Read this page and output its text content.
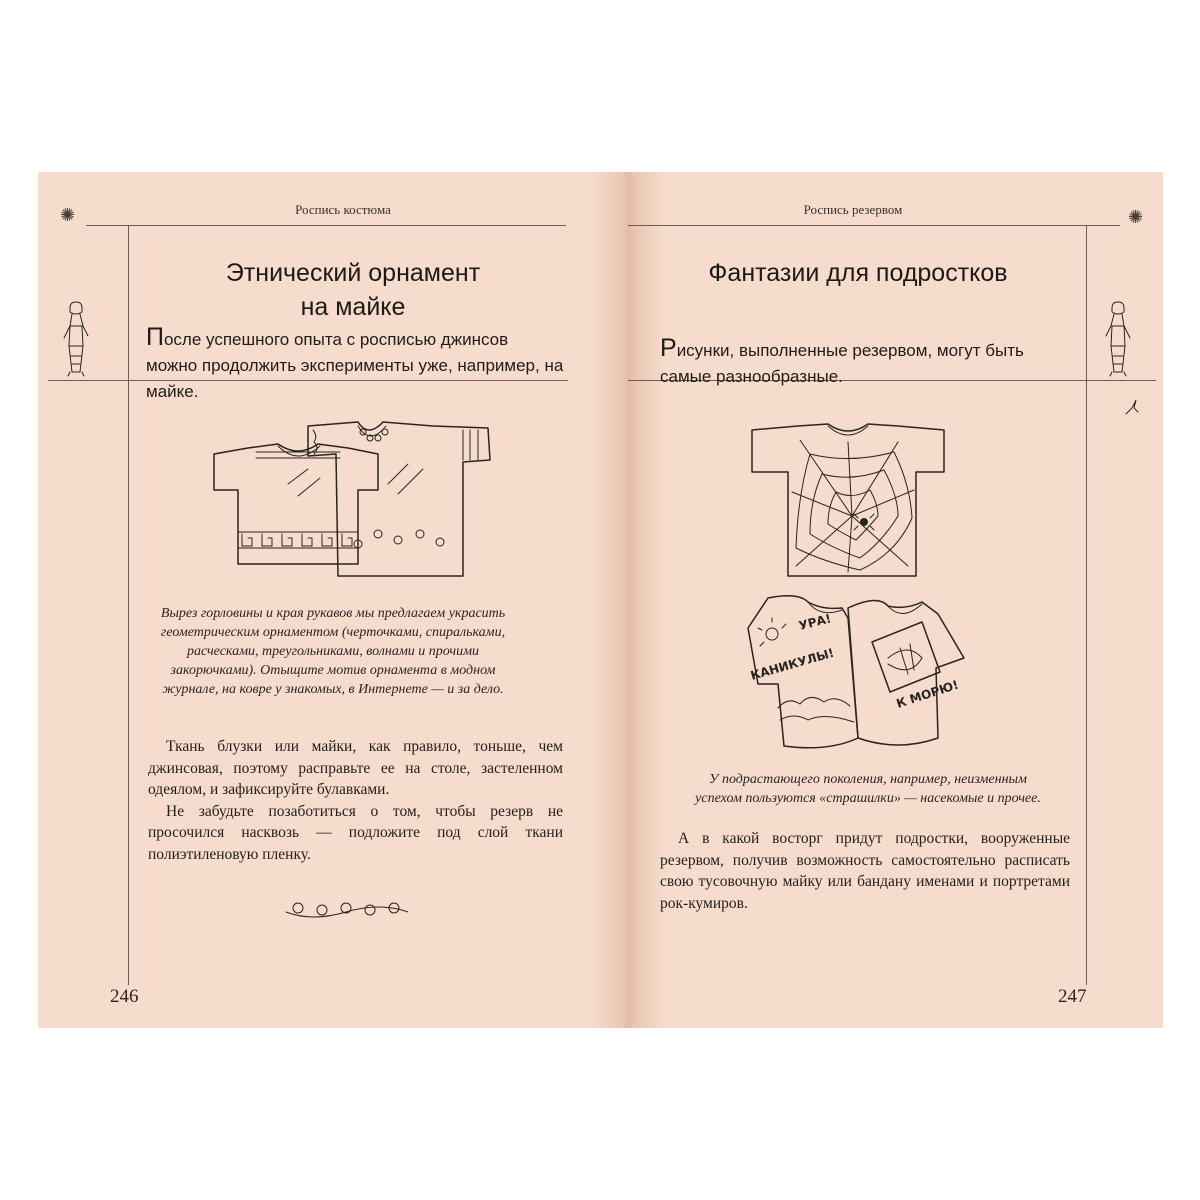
✺	Роспись костюма
Этнический орнамент
на майке
После успешного опыта с росписью джинсов можно продолжить эксперименты уже, например, на майке.
Вырез горловины и края рукавов мы предлагаем украсить геометрическим орнаментом (черточками, спиральками, расческами, треугольниками, волнами и прочими закорючками). Отыщите мотив орнамента в модном журнале, на ковре у знакомых, в Интернете — и за дело.

Ткань блузки или майки, как правило, тоньше, чем джинсовая, поэтому расправьте ее на столе, застеленном одеялом, и зафиксируйте булавками.

Не забудьте позаботиться о том, чтобы резерв не просочился насквозь — подложите под слой ткани полиэтиленовую пленку.

246
Роспись резервом	✺
Фантазии для подростков
Рисунки, выполненные резервом, могут быть самые разнообразные.
УРА!
КАНИКУЛЫ!
К МОРЮ!
У подрастающего поколения, например, неизменным успехом пользуются «страшилки» — насекомые и прочее.

А в какой восторг придут подростки, вооруженные резервом, получив возможность самостоятельно расписать свою тусовочную майку или бандану именами и портретами рок-кумиров.

247
